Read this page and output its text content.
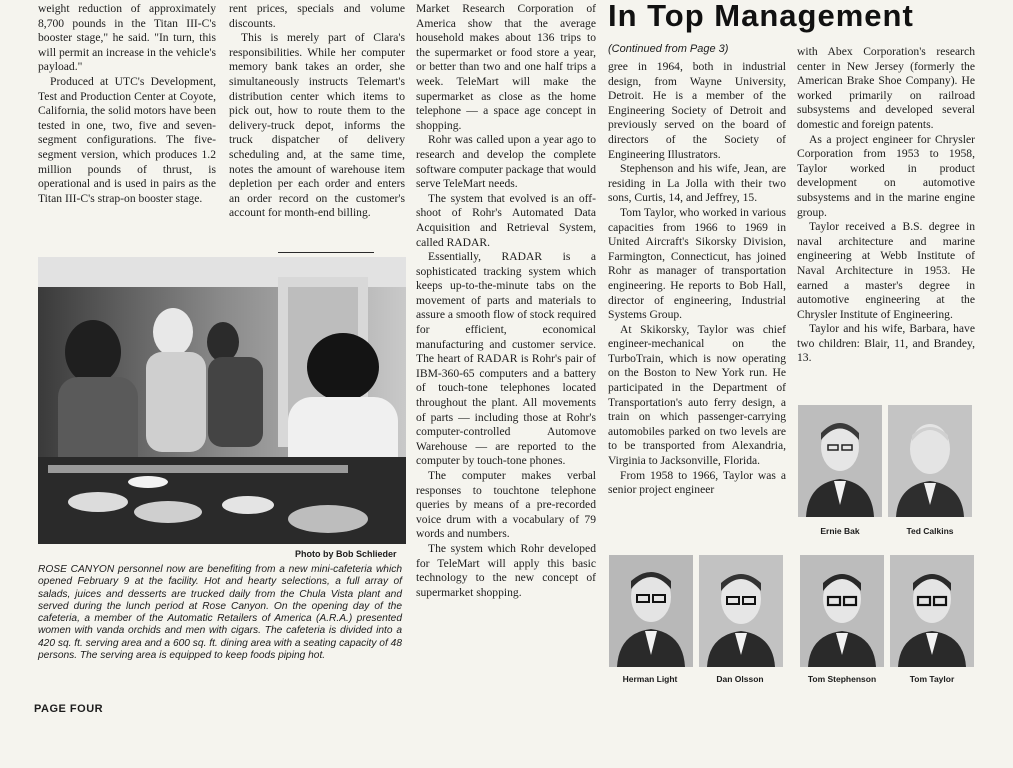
weight reduction of approximately 8,700 pounds in the Titan III-C's booster stage," he said. "In turn, this will permit an increase in the vehicle's payload."

Produced at UTC's Development, Test and Production Center at Coyote, California, the solid motors have been tested in one, two, five and seven-segment configurations. The five-segment version, which produces 1.2 million pounds of thrust, is operational and is used in pairs as the Titan III-C's strap-on booster stage.

rent prices, specials and volume discounts.

This is merely part of Clara's responsibilities. While her computer memory bank takes an order, she simultaneously instructs Telemart's distribution center which items to pick out, how to route them to the delivery-truck depot, informs the truck dispatcher of delivery scheduling and, at the same time, notes the amount of warehouse item depletion per each order and enters an order record on the customer's account for month-end billing.

Photo by Bob Schlieder
ROSE CANYON personnel now are benefiting from a new mini-cafeteria which opened February 9 at the facility. Hot and hearty selections, a full array of salads, juices and desserts are trucked daily from the Chula Vista plant and served during the lunch period at Rose Canyon. On the opening day of the cafeteria, a member of the Automatic Retailers of America (A.R.A.) presented women with vanda orchids and men with cigars. The cafeteria is divided into a 420 sq. ft. serving area and a 600 sq. ft. dining area with a seating capacity of 48 persons. The serving area is equipped to keep foods piping hot.

Market Research Corporation of America show that the average household makes about 136 trips to the supermarket or food store a year, or better than two and one half trips a week. TeleMart will make the supermarket as close as the home telephone — a space age concept in shopping.

Rohr was called upon a year ago to research and develop the complete software computer package that would serve TeleMart needs.

The system that evolved is an off-shoot of Rohr's Automated Data Acquisition and Retrieval System, called RADAR.

Essentially, RADAR is a sophisticated tracking system which keeps up-to-the-minute tabs on the movement of parts and materials to assure a smooth flow of stock required for efficient, economical manufacturing and customer service. The heart of RADAR is Rohr's pair of IBM-360-65 computers and a battery of touch-tone telephones located throughout the plant. All movements of parts — including those at Rohr's computer-controlled Automove Warehouse — are reported to the computer by touch-tone phones.

The computer makes verbal responses to touchtone telephone queries by means of a pre-recorded voice drum with a vocabulary of 79 words and numbers.

The system which Rohr developed for TeleMart will apply this basic technology to the new concept of supermarket shopping.

In Top Management
(Continued from Page 3)

gree in 1964, both in industrial design, from Wayne University, Detroit. He is a member of the Engineering Society of Detroit and previously served on the board of directors of the Society of Engineering Illustrators.

Stephenson and his wife, Jean, are residing in La Jolla with their two sons, Curtis, 14, and Jeffrey, 15.

Tom Taylor, who worked in various capacities from 1966 to 1969 in United Aircraft's Sikorsky Division, Farmington, Connecticut, has joined Rohr as manager of transportation engineering. He reports to Bob Hall, director of engineering, Industrial Systems Group.

At Skikorsky, Taylor was chief engineer-mechanical on the TurboTrain, which is now operating on the Boston to New York run. He participated in the Department of Transportation's auto ferry design, a train on which passenger-carrying automobiles parked on two levels are to be transported from Alexandria, Virginia to Jacksonville, Florida.

From 1958 to 1966, Taylor was a senior project engineer

with Abex Corporation's research center in New Jersey (formerly the American Brake Shoe Company). He worked primarily on railroad subsystems and developed several domestic and foreign patents.

As a project engineer for Chrysler Corporation from 1953 to 1958, Taylor worked in product development on automotive subsystems and in the marine engine group.

Taylor received a B.S. degree in naval architecture and marine engineering at Webb Institute of Naval Architecture in 1953. He earned a master's degree in automotive engineering at the Chrysler Institute of Engineering.

Taylor and his wife, Barbara, have two children: Blair, 11, and Brandey, 13.

Ernie Bak	Ted Calkins
Herman Light	Dan Olsson	Tom Stephenson	Tom Taylor
PAGE FOUR
